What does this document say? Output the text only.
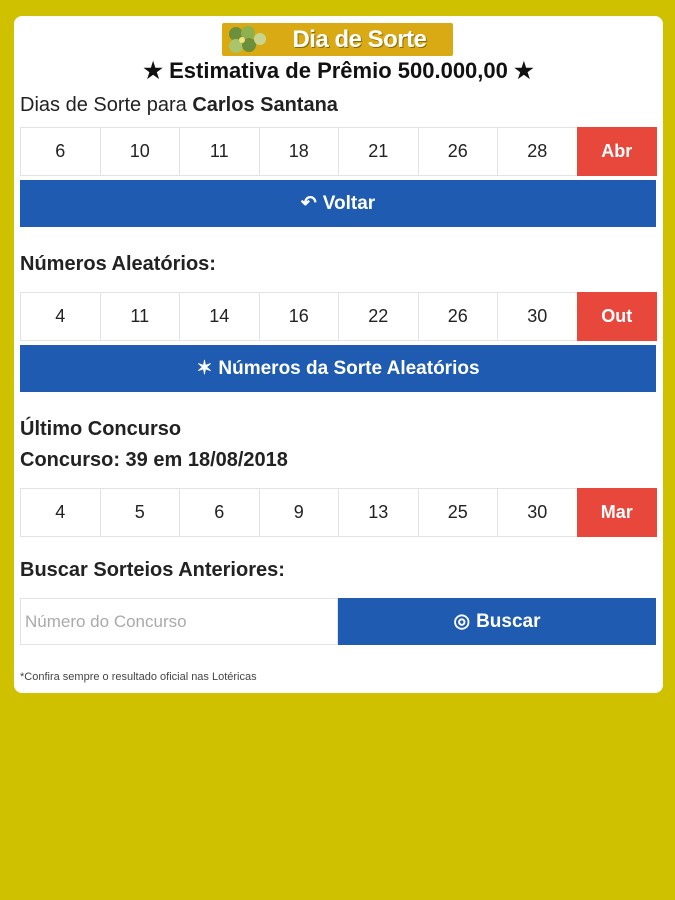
Dia de Sorte
★ Estimativa de Prêmio 500.000,00 ★
Dias de Sorte para Carlos Santana
6	10	11	18	21	26	28	Abr
↶ Voltar
Números Aleatórios:
4	11	14	16	22	26	30	Out
✶ Números da Sorte Aleatórios
Último Concurso
Concurso: 39 em 18/08/2018
4	5	6	9	13	25	30	Mar
Buscar Sorteios Anteriores:
Número do Concurso
◎ Buscar
*Confira sempre o resultado oficial nas Lotéricas
